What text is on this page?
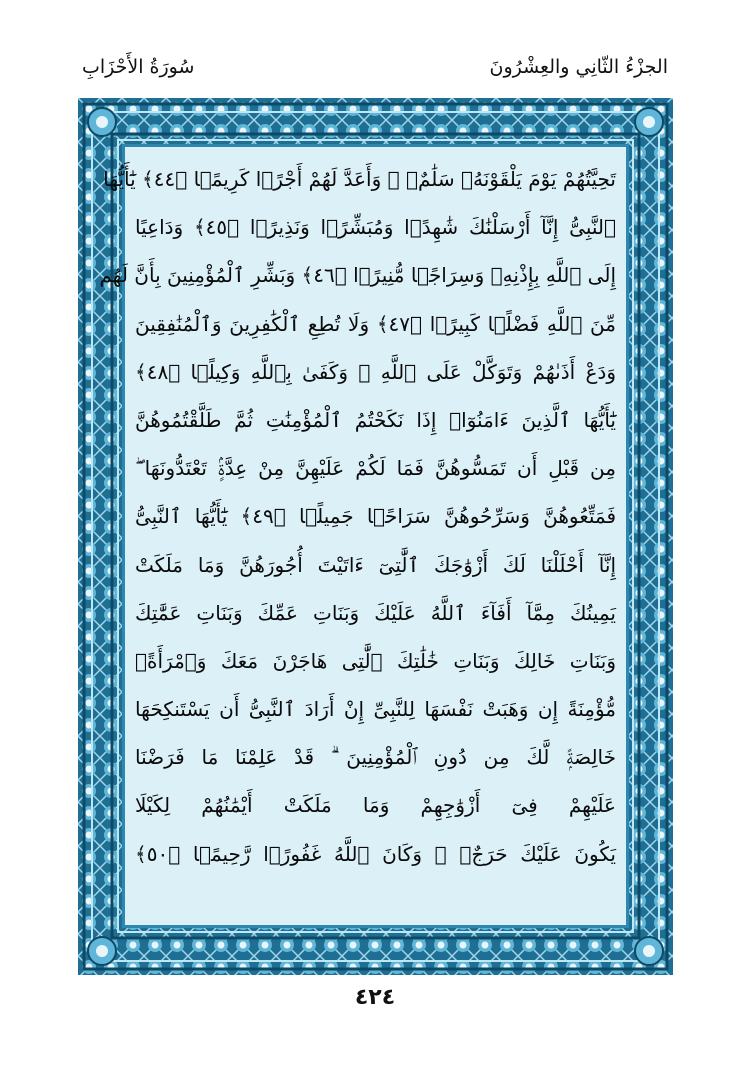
سُورَةُ الأَحْزَابِ	الجزْءُ الثّانِي والعِشْرُونَ
تَحِيَّتُهُمْ يَوْمَ يَلْقَوْنَهُۥ سَلَٰمٌۭ ۚ وَأَعَدَّ لَهُمْ أَجْرًۭا كَرِيمًۭا ﴿٤٤﴾ يَٰٓأَيُّهَا
ٱلنَّبِىُّ إِنَّآ أَرْسَلْنَٰكَ شَٰهِدًۭا وَمُبَشِّرًۭا وَنَذِيرًۭا ﴿٤٥﴾ وَدَاعِيًا
إِلَى ٱللَّهِ بِإِذْنِهِۦ وَسِرَاجًۭا مُّنِيرًۭا ﴿٤٦﴾ وَبَشِّرِ ٱلْمُؤْمِنِينَ بِأَنَّ لَهُم
مِّنَ ٱللَّهِ فَضْلًۭا كَبِيرًۭا ﴿٤٧﴾ وَلَا تُطِعِ ٱلْكَٰفِرِينَ وَٱلْمُنَٰفِقِينَ
وَدَعْ أَذَىٰهُمْ وَتَوَكَّلْ عَلَى ٱللَّهِ ۚ وَكَفَىٰ بِٱللَّهِ وَكِيلًۭا ﴿٤٨﴾
يَٰٓأَيُّهَا ٱلَّذِينَ ءَامَنُوٓا۟ إِذَا نَكَحْتُمُ ٱلْمُؤْمِنَٰتِ ثُمَّ طَلَّقْتُمُوهُنَّ
مِن قَبْلِ أَن تَمَسُّوهُنَّ فَمَا لَكُمْ عَلَيْهِنَّ مِنْ عِدَّةٍۢ تَعْتَدُّونَهَا ۖ
فَمَتِّعُوهُنَّ وَسَرِّحُوهُنَّ سَرَاحًۭا جَمِيلًۭا ﴿٤٩﴾ يَٰٓأَيُّهَا ٱلنَّبِىُّ
إِنَّآ أَحْلَلْنَا لَكَ أَزْوَٰجَكَ ٱلَّٰتِىٓ ءَاتَيْتَ أُجُورَهُنَّ وَمَا مَلَكَتْ
يَمِينُكَ مِمَّآ أَفَآءَ ٱللَّهُ عَلَيْكَ وَبَنَاتِ عَمِّكَ وَبَنَاتِ عَمَّٰتِكَ
وَبَنَاتِ خَالِكَ وَبَنَاتِ خَٰلَٰتِكَ ٱلَّٰتِى هَاجَرْنَ مَعَكَ وَٱمْرَأَةًۭ
مُّؤْمِنَةً إِن وَهَبَتْ نَفْسَهَا لِلنَّبِىِّ إِنْ أَرَادَ ٱلنَّبِىُّ أَن يَسْتَنكِحَهَا
خَالِصَةًۭ لَّكَ مِن دُونِ ٱلْمُؤْمِنِينَ ۗ قَدْ عَلِمْنَا مَا فَرَضْنَا
عَلَيْهِمْ فِىٓ أَزْوَٰجِهِمْ وَمَا مَلَكَتْ أَيْمَٰنُهُمْ لِكَيْلَا
يَكُونَ عَلَيْكَ حَرَجٌۭ ۗ وَكَانَ ٱللَّهُ غَفُورًۭا رَّحِيمًۭا ﴿٥٠﴾
٤٢٤
